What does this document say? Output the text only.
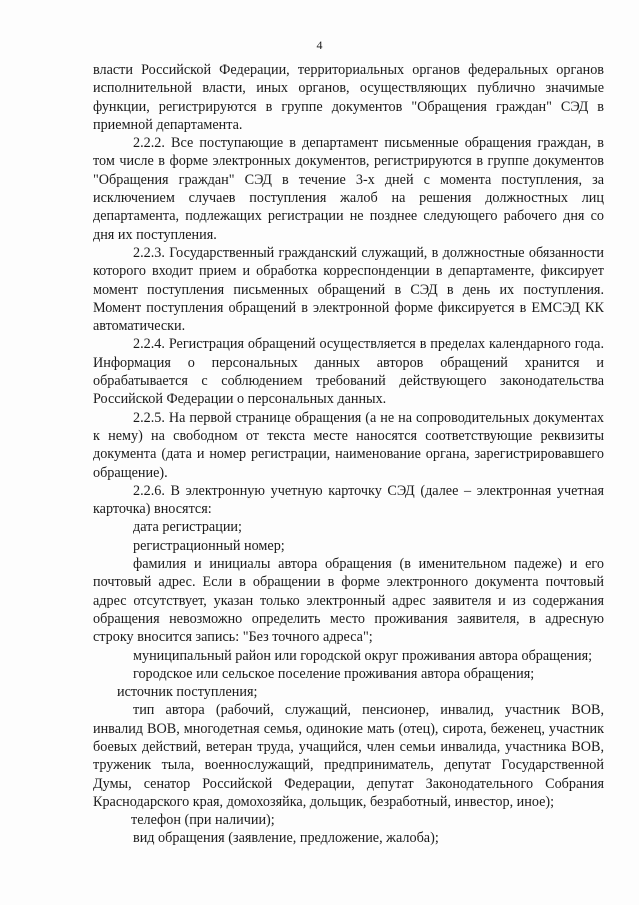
4

власти Российской Федерации, территориальных органов федеральных органов исполнительной власти, иных органов, осуществляющих публично значимые функции, регистрируются в группе документов "Обращения граждан" СЭД в приемной департамента.

2.2.2. Все поступающие в департамент письменные обращения граждан, в том числе в форме электронных документов, регистрируются в группе документов "Обращения граждан" СЭД в течение 3-х дней с момента поступления, за исключением случаев поступления жалоб на решения должностных лиц департамента, подлежащих регистрации не позднее следующего рабочего дня со дня их поступления.

2.2.3. Государственный гражданский служащий, в должностные обязанности которого входит прием и обработка корреспонденции в департаменте, фиксирует момент поступления письменных обращений в СЭД в день их поступления. Момент поступления обращений в электронной форме фиксируется в ЕМСЭД КК автоматически.

2.2.4. Регистрация обращений осуществляется в пределах календарного года. Информация о персональных данных авторов обращений хранится и обрабатывается с соблюдением требований действующего законодательства Российской Федерации о персональных данных.

2.2.5. На первой странице обращения (а не на сопроводительных документах к нему) на свободном от текста месте наносятся соответствующие реквизиты документа (дата и номер регистрации, наименование органа, зарегистрировавшего обращение).

2.2.6. В электронную учетную карточку СЭД (далее – электронная учетная карточка) вносятся:

дата регистрации;

регистрационный номер;

фамилия и инициалы автора обращения (в именительном падеже) и его почтовый адрес. Если в обращении в форме электронного документа почтовый адрес отсутствует, указан только электронный адрес заявителя и из содержания обращения невозможно определить место проживания заявителя, в адресную строку вносится запись: "Без точного адреса";

муниципальный район или городской округ проживания автора обращения;

городское или сельское поселение проживания автора обращения;

источник поступления;

тип автора (рабочий, служащий, пенсионер, инвалид, участник ВОВ, инвалид ВОВ, многодетная семья, одинокие мать (отец), сирота, беженец, участник боевых действий, ветеран труда, учащийся, член семьи инвалида, участника ВОВ, труженик тыла, военнослужащий, предприниматель, депутат Государственной Думы, сенатор Российской Федерации, депутат Законодательного Собрания Краснодарского края, домохозяйка, дольщик, безработный, инвестор, иное);

телефон (при наличии);

вид обращения (заявление, предложение, жалоба);
